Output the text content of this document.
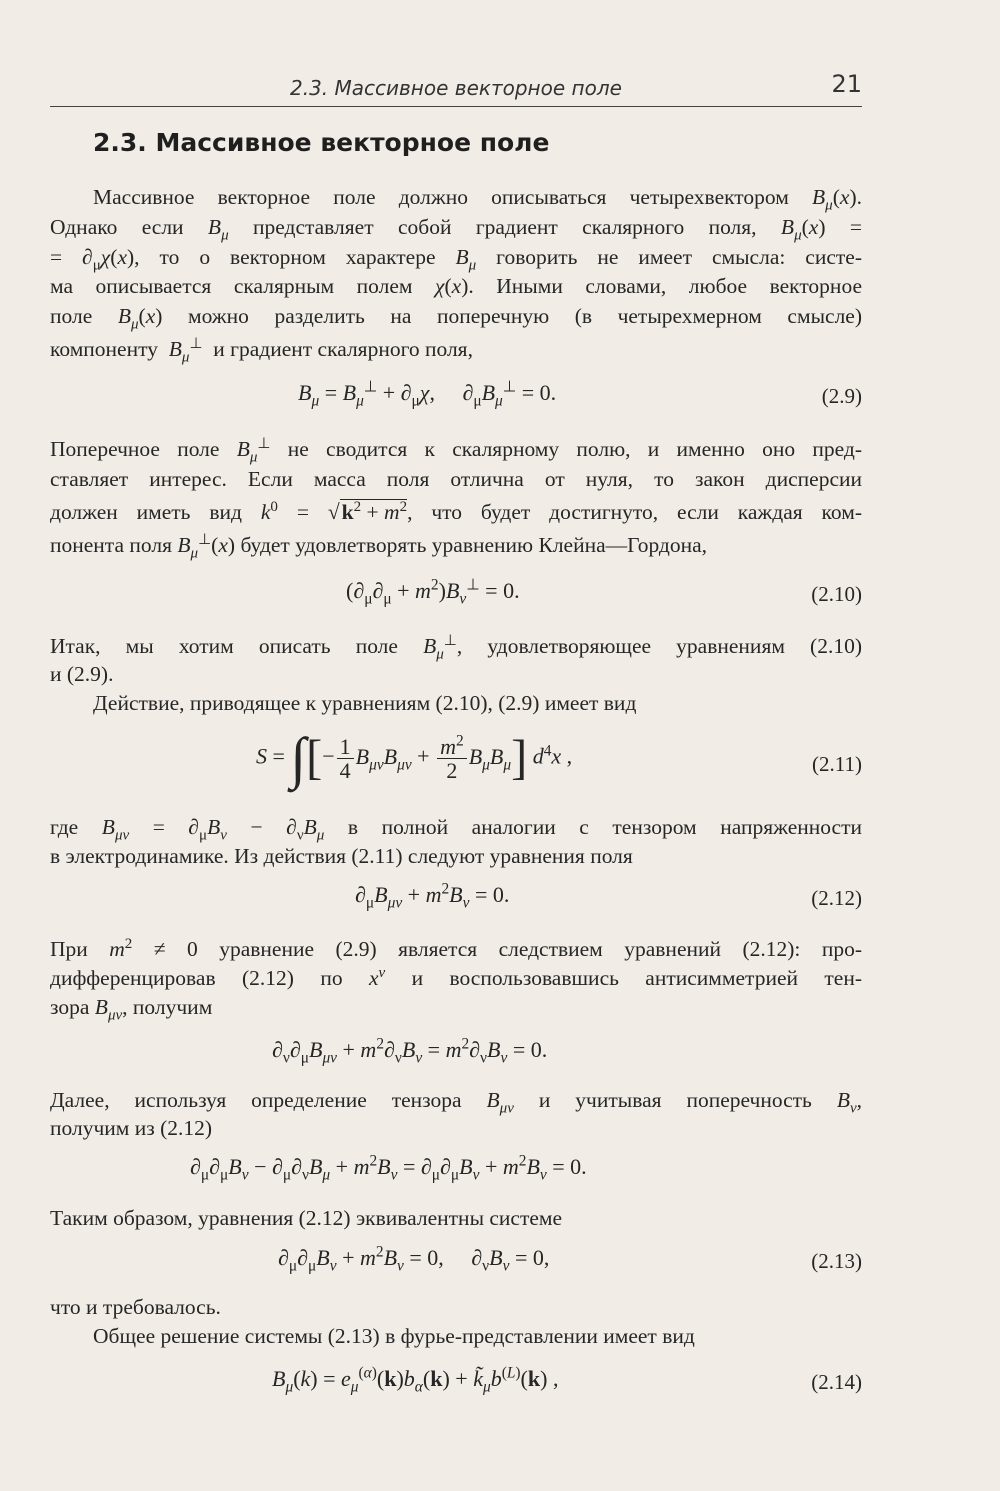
2.3. Массивное векторное поле	21
2.3. Массивное векторное поле
Массивное векторное поле должно описываться четырехвектором $B_\mu(x)$.
Однако если $B_\mu$ представляет собой градиент скалярного поля, $B_\mu(x)$ =
= $\partial_\mu\chi(x)$, то о векторном характере $B_\mu$ говорить не имеет смысла: систе-
ма описывается скалярным полем χ(x). Иными словами, любое векторное
поле $B_\mu(x)$ можно разделить на поперечную (в четырехмерном смысле)
компоненту $B_\mu^\perp$ и градиент скалярного поля,
$B_\mu = B_\mu^\perp + \partial_\mu\chi$,     $\partial_\mu B_\mu^\perp = 0$.	(2.9)
Поперечное поле $B_\mu^\perp$ не сводится к скалярному полю, и именно оно пред-
ставляет интерес. Если масса поля отлична от нуля, то закон дисперсии
должен иметь вид $k^0 = √k^2 + m^2$, что будет достигнуто, если каждая ком-
понента поля $B_\mu^\perp(x)$ будет удовлетворять уравнению Клейна—Гордона,
$(\partial_\mu\partial_\mu + m^2)B_\nu^\perp = 0$.	(2.10)
Итак, мы хотим описать поле $B_\mu^\perp$, удовлетворяющее уравнениям (2.10)
и (2.9).
Действие, приводящее к уравнениям (2.10), (2.9) имеет вид
S = ∫[− $\frac{1}{4} B_{\mu\nu}B_{\mu\nu} + \frac{m^2}{2} B_\mu B_\mu$] $d^4x$ ,	(2.11)
где $B_{\mu\nu} = \partial_\mu B_\nu - \partial_\nu B_\mu$ в полной аналогии с тензором напряженности
в электродинамике. Из действия (2.11) следуют уравнения поля
$\partial_\mu B_{\mu\nu} + m^2B_\nu = 0$.	(2.12)
При $m^2 \ne 0$ уравнение (2.9) является следствием уравнений (2.12): про-
дифференцировав (2.12) по $x^\nu$ и воспользовавшись антисимметрией тен-
зора $B_{\mu\nu}$, получим
$\partial_\nu\partial_\mu B_{\mu\nu} + m^2\partial_\nu B_\nu = m^2\partial_\nu B_\nu = 0$.
Далее, используя определение тензора $B_{\mu\nu}$ и учитывая поперечность $B_\nu$,
получим из (2.12)
$\partial_\mu\partial_\mu B_\nu - \partial_\mu\partial_\nu B_\mu + m^2B_\nu = \partial_\mu\partial_\mu B_\nu + m^2B_\nu = 0$.
Таким образом, уравнения (2.12) эквивалентны системе
$\partial_\mu\partial_\mu B_\nu + m^2B_\nu = 0$,     $\partial_\nu B_\nu = 0$,	(2.13)
что и требовалось.
Общее решение системы (2.13) в фурье-представлении имеет вид
$B_\mu(k) = e_\mu^{(\alpha)}(k)b_\alpha(k)$ + $k̃_\mu b^{(L)}(k)$ ,	(2.14)
